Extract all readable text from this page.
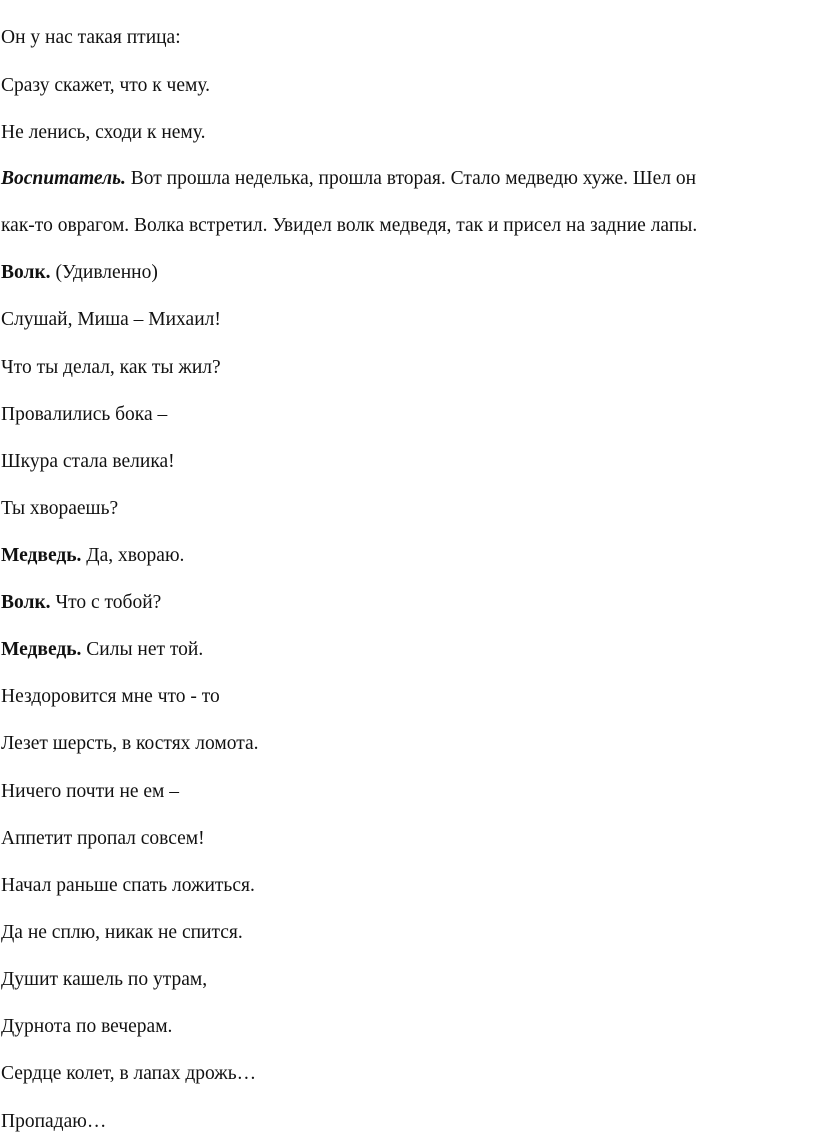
Он у нас такая птица:
Сразу скажет, что к чему.
Не ленись, сходи к нему.
Воспитатель. Вот прошла неделька, прошла вторая. Стало медведю хуже. Шел он
как-то оврагом. Волка встретил. Увидел волк медведя, так и присел на задние лапы.
Волк. (Удивленно)
Слушай, Миша – Михаил!
Что ты делал, как ты жил?
Провалились бока –
Шкура стала велика!
Ты хвораешь?
Медведь. Да, хвораю.
Волк. Что с тобой?
Медведь. Силы нет той.
Нездоровится мне что - то
Лезет шерсть, в костях ломота.
Ничего почти не ем –
Аппетит пропал совсем!
Начал раньше спать ложиться.
Да не сплю, никак не спится.
Душит кашель по утрам,
Дурнота по вечерам.
Сердце колет, в лапах дрожь…
Пропадаю…
